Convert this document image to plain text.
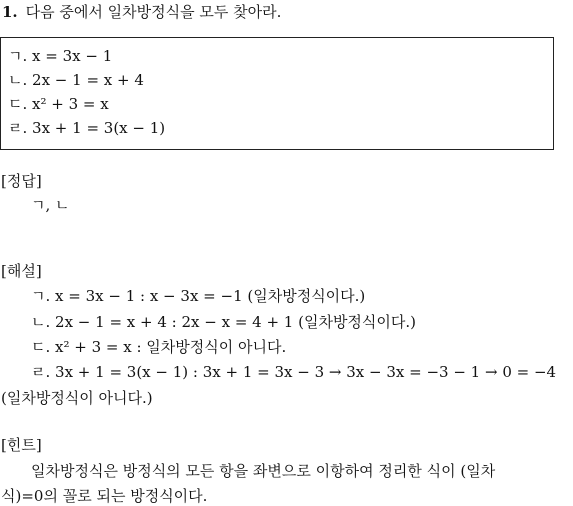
1. 다음 중에서 일차방정식을 모두 찾아라.
ㄱ. x = 3x − 1
ㄴ. 2x − 1 = x + 4
ㄷ. x² + 3 = x
ㄹ. 3x + 1 = 3(x − 1)
[정답]
ㄱ, ㄴ
[해설]
ㄱ. x = 3x − 1 : x − 3x = −1 (일차방정식이다.)
ㄴ. 2x − 1 = x + 4 : 2x − x = 4 + 1 (일차방정식이다.)
ㄷ. x² + 3 = x : 일차방정식이 아니다.
ㄹ. 3x + 1 = 3(x − 1) : 3x + 1 = 3x − 3 → 3x − 3x = −3 − 1 → 0 = −4
(일차방정식이 아니다.)
[힌트]
일차방정식은 방정식의 모든 항을 좌변으로 이항하여 정리한 식이 (일차
식)=0의 꼴로 되는 방정식이다.
